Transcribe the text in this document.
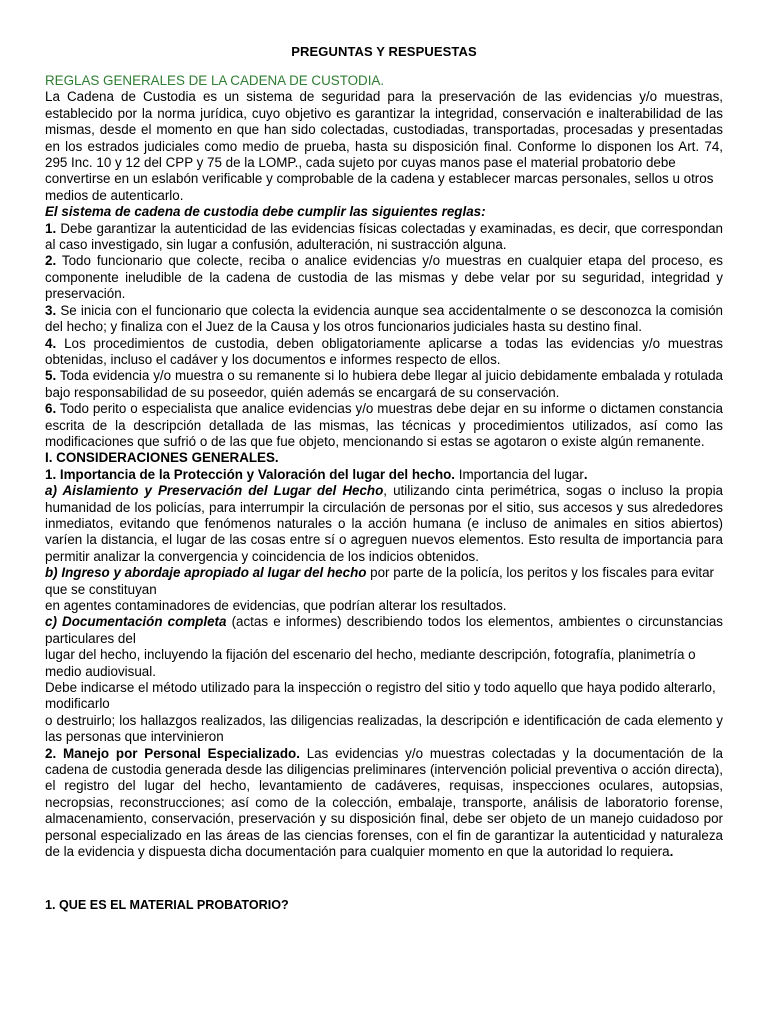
PREGUNTAS Y RESPUESTAS

REGLAS GENERALES DE LA CADENA DE CUSTODIA.

La Cadena de Custodia es un sistema de seguridad para la preservación de las evidencias y/o muestras, establecido por la norma jurídica, cuyo objetivo es garantizar la integridad, conservación e inalterabilidad de las mismas, desde el momento en que han sido colectadas, custodiadas, transportadas, procesadas y presentadas en los estrados judiciales como medio de prueba, hasta su disposición final. Conforme lo disponen los Art. 74, 295 Inc. 10 y 12 del CPP y 75 de la LOMP., cada sujeto por cuyas manos pase el material probatorio debe

convertirse en un eslabón verificable y comprobable de la cadena y establecer marcas personales, sellos u otros medios de autenticarlo.

El sistema de cadena de custodia debe cumplir las siguientes reglas:

1. Debe garantizar la autenticidad de las evidencias físicas colectadas y examinadas, es decir, que correspondan al caso investigado, sin lugar a confusión, adulteración, ni sustracción alguna.

2. Todo funcionario que colecte, reciba o analice evidencias y/o muestras en cualquier etapa del proceso, es componente ineludible de la cadena de custodia de las mismas y debe velar por su seguridad, integridad y preservación.

3. Se inicia con el funcionario que colecta la evidencia aunque sea accidentalmente o se desconozca la comisión del hecho; y finaliza con el Juez de la Causa y los otros funcionarios judiciales hasta su destino final.

4. Los procedimientos de custodia, deben obligatoriamente aplicarse a todas las evidencias y/o muestras obtenidas, incluso el cadáver y los documentos e informes respecto de ellos.

5. Toda evidencia y/o muestra o su remanente si lo hubiera debe llegar al juicio debidamente embalada y rotulada bajo responsabilidad de su poseedor, quién además se encargará de su conservación.

6. Todo perito o especialista que analice evidencias y/o muestras debe dejar en su informe o dictamen constancia escrita de la descripción detallada de las mismas, las técnicas y procedimientos utilizados, así como las modificaciones que sufrió o de las que fue objeto, mencionando si estas se agotaron o existe algún remanente.

I. CONSIDERACIONES GENERALES.

1. Importancia de la Protección y Valoración del lugar del hecho. Importancia del lugar.

a) Aislamiento y Preservación del Lugar del Hecho, utilizando cinta perimétrica, sogas o incluso la propia humanidad de los policías, para interrumpir la circulación de personas por el sitio, sus accesos y sus alrededores inmediatos, evitando que fenómenos naturales o la acción humana (e incluso de animales en sitios abiertos) varíen la distancia, el lugar de las cosas entre sí o agreguen nuevos elementos. Esto resulta de importancia para permitir analizar la convergencia y coincidencia de los indicios obtenidos.

b) Ingreso y abordaje apropiado al lugar del hecho por parte de la policía, los peritos y los fiscales para evitar que se constituyan

en agentes contaminadores de evidencias, que podrían alterar los resultados.

c) Documentación completa (actas e informes) describiendo todos los elementos, ambientes o circunstancias particulares del

lugar del hecho, incluyendo la fijación del escenario del hecho, mediante descripción, fotografía, planimetría o medio audiovisual.

Debe indicarse el método utilizado para la inspección o registro del sitio y todo aquello que haya podido alterarlo, modificarlo

o destruirlo; los hallazgos realizados, las diligencias realizadas, la descripción e identificación de cada elemento y las personas que intervinieron

2. Manejo por Personal Especializado. Las evidencias y/o muestras colectadas y la documentación de la cadena de custodia generada desde las diligencias preliminares (intervención policial preventiva o acción directa), el registro del lugar del hecho, levantamiento de cadáveres, requisas, inspecciones oculares, autopsias, necropsias, reconstrucciones; así como de la colección, embalaje, transporte, análisis de laboratorio forense, almacenamiento, conservación, preservación y su disposición final, debe ser objeto de un manejo cuidadoso por personal especializado en las áreas de las ciencias forenses, con el fin de garantizar la autenticidad y naturaleza de la evidencia y dispuesta dicha documentación para cualquier momento en que la autoridad lo requiera.

1. QUE ES EL MATERIAL PROBATORIO?
